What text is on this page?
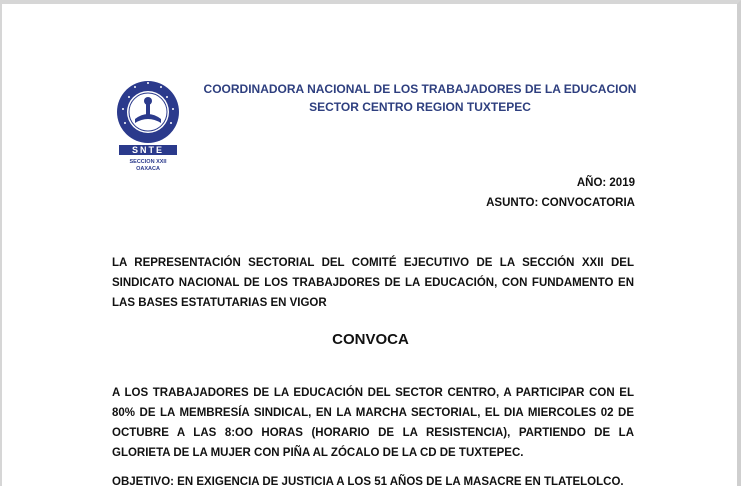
SNTE
SECCION XXII
OAXACA
COORDINADORA NACIONAL DE LOS TRABAJADORES DE LA EDUCACION
SECTOR CENTRO REGION TUXTEPEC
AÑO: 2019
ASUNTO: CONVOCATORIA
LA REPRESENTACIÓN SECTORIAL DEL COMITÉ EJECUTIVO DE LA SECCIÓN XXII DEL
SINDICATO NACIONAL DE LOS TRABAJDORES DE LA EDUCACIÓN, CON FUNDAMENTO EN
LAS BASES ESTATUTARIAS EN VIGOR
CONVOCA
A LOS TRABAJADORES DE LA EDUCACIÓN DEL SECTOR CENTRO, A PARTICIPAR CON EL
80% DE LA MEMBRESÍA SINDICAL, EN LA MARCHA SECTORIAL, EL DIA MIERCOLES 02 DE
OCTUBRE A LAS 8:OO HORAS (HORARIO DE LA RESISTENCIA), PARTIENDO DE LA
GLORIETA DE LA MUJER CON PIÑA AL ZÓCALO DE LA CD DE TUXTEPEC.
OBJETIVO: EN EXIGENCIA DE JUSTICIA A LOS 51 AÑOS DE LA MASACRE EN TLATELOLCO.
